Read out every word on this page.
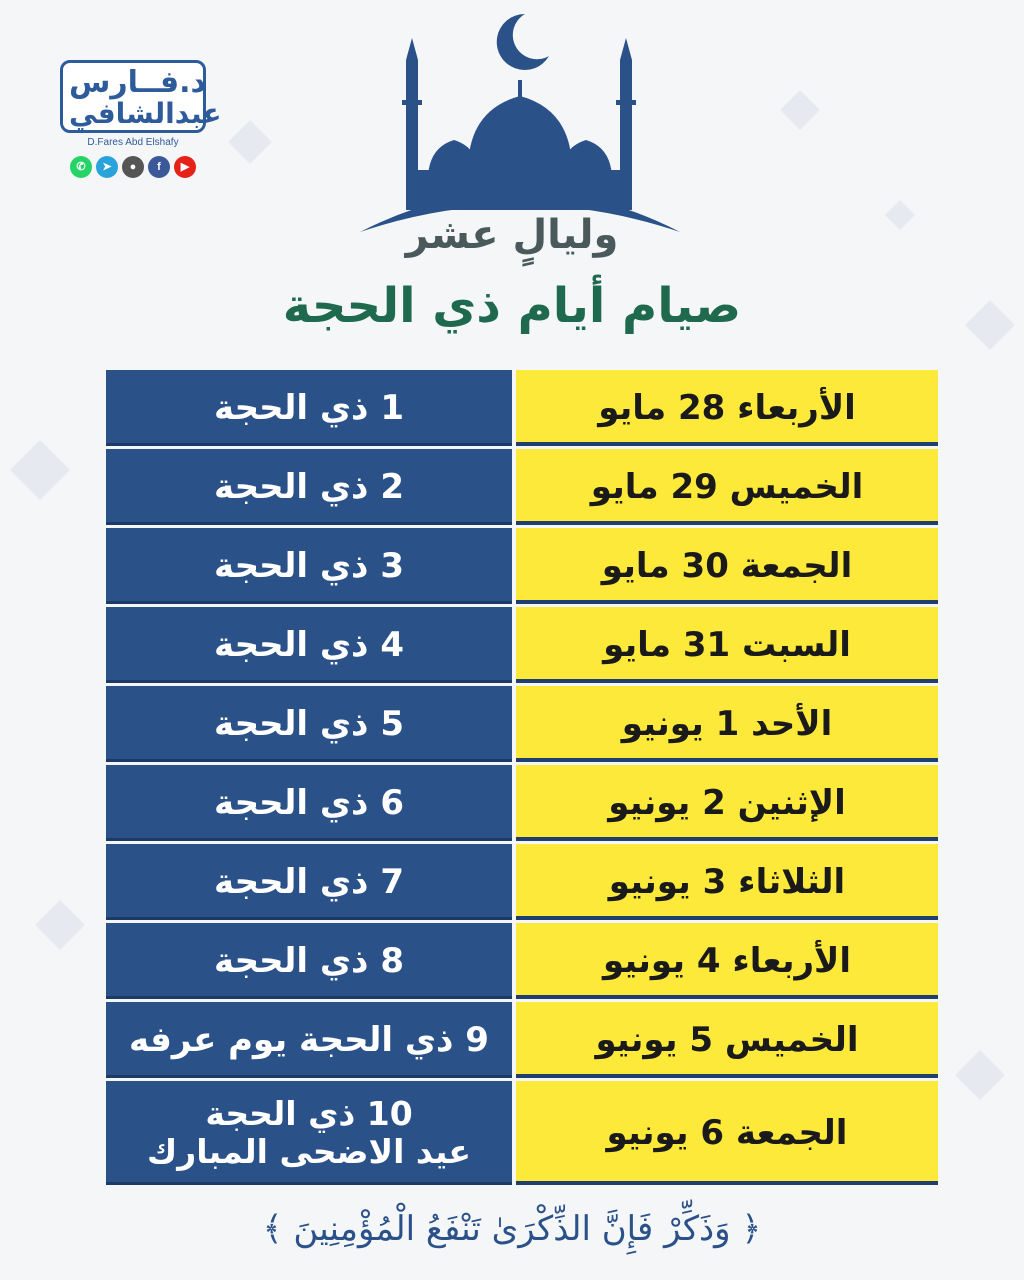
د.فــارس
عبدالشافي
D.Fares Abd Elshafy
✆	➤	●	f	▶
وليالٍ عشر
صيام أيام ذي الحجة
1 ذي الحجة	الأربعاء 28 مايو
2 ذي الحجة	الخميس 29 مايو
3 ذي الحجة	الجمعة 30 مايو
4 ذي الحجة	السبت 31 مايو
5 ذي الحجة	الأحد 1 يونيو
6 ذي الحجة	الإثنين 2 يونيو
7 ذي الحجة	الثلاثاء 3 يونيو
8 ذي الحجة	الأربعاء 4 يونيو
9 ذي الحجة يوم عرفه	الخميس 5 يونيو
10 ذي الحجة
عيد الاضحى المبارك	الجمعة 6 يونيو
﴿ وَذَكِّرْ فَإِنَّ الذِّكْرَىٰ تَنْفَعُ الْمُؤْمِنِينَ ﴾
